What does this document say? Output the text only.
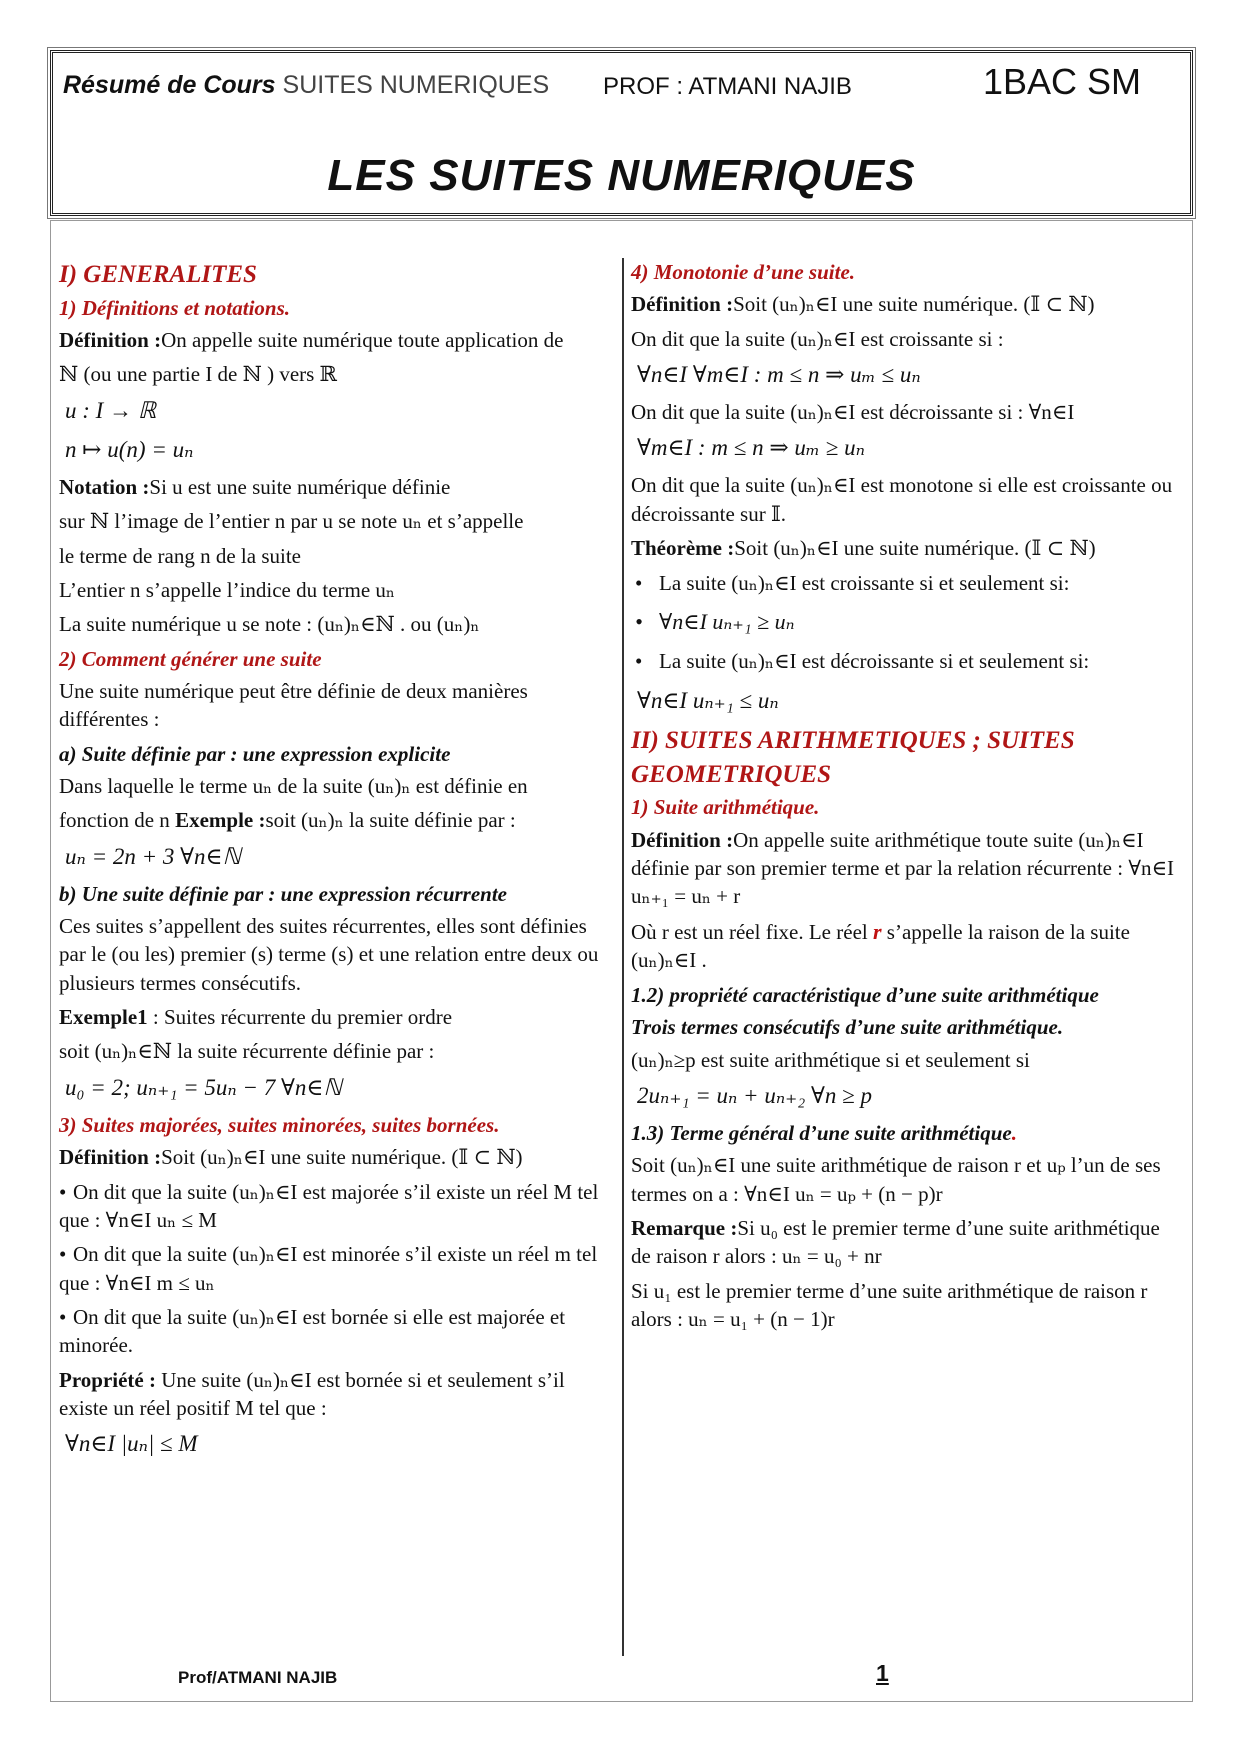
Résumé de Cours SUITES NUMERIQUES PROF : ATMANI NAJIB	1BAC SM
LES SUITES NUMERIQUES
I) GENERALITES
1) Définitions et notations.

Définition :On appelle suite numérique toute application de

ℕ (ou une partie I de ℕ ) vers ℝ

u : I → ℝ
n ↦ u(n) = uₙ

Notation :Si u est une suite numérique définie

sur ℕ l’image de l’entier n par u se note uₙ et s’appelle

le terme de rang n de la suite

L’entier n s’appelle l’indice du terme uₙ

La suite numérique u se note : (uₙ)ₙ∈ℕ . ou (uₙ)ₙ

2) Comment générer une suite

Une suite numérique peut être définie de deux manières différentes :

a) Suite définie par : une expression explicite

Dans laquelle le terme uₙ de la suite (uₙ)ₙ est définie en

fonction de n Exemple :soit (uₙ)ₙ la suite définie par :

uₙ = 2n + 3 ∀n∈ℕ
b) Une suite définie par : une expression récurrente

Ces suites s’appellent des suites récurrentes, elles sont définies par le (ou les) premier (s) terme (s) et une relation entre deux ou plusieurs termes consécutifs.

Exemple1 : Suites récurrente du premier ordre

soit (uₙ)ₙ∈ℕ la suite récurrente définie par :

u₀ = 2; uₙ₊₁ = 5uₙ − 7 ∀n∈ℕ
3) Suites majorées, suites minorées, suites bornées.

Définition :Soit (uₙ)ₙ∈I une suite numérique. (𝕀 ⊂ ℕ)

• On dit que la suite (uₙ)ₙ∈I est majorée s’il existe un réel M tel que : ∀n∈I uₙ ≤ M

• On dit que la suite (uₙ)ₙ∈I est minorée s’il existe un réel m tel que : ∀n∈I m ≤ uₙ

• On dit que la suite (uₙ)ₙ∈I est bornée si elle est majorée et minorée.

Propriété : Une suite (uₙ)ₙ∈I est bornée si et seulement s’il existe un réel positif M tel que :

∀n∈I |uₙ| ≤ M
4) Monotonie d’une suite.

Définition :Soit (uₙ)ₙ∈I une suite numérique. (𝕀 ⊂ ℕ)

On dit que la suite (uₙ)ₙ∈I est croissante si :

∀n∈I ∀m∈I : m ≤ n ⇒ uₘ ≤ uₙ

On dit que la suite (uₙ)ₙ∈I est décroissante si : ∀n∈I

∀m∈I : m ≤ n ⇒ uₘ ≥ uₙ

On dit que la suite (uₙ)ₙ∈I est monotone si elle est croissante ou décroissante sur 𝕀.

Théorème :Soit (uₙ)ₙ∈I une suite numérique. (𝕀 ⊂ ℕ)

• La suite (uₙ)ₙ∈I est croissante si et seulement si:
• ∀n∈I uₙ₊₁ ≥ uₙ
• La suite (uₙ)ₙ∈I est décroissante si et seulement si:
∀n∈I uₙ₊₁ ≤ uₙ
II) SUITES ARITHMETIQUES ; SUITES GEOMETRIQUES
1) Suite arithmétique.

Définition :On appelle suite arithmétique toute suite (uₙ)ₙ∈I définie par son premier terme et par la relation récurrente : ∀n∈I uₙ₊₁ = uₙ + r

Où r est un réel fixe. Le réel r s’appelle la raison de la suite (uₙ)ₙ∈I .

1.2) propriété caractéristique d’une suite arithmétique
Trois termes consécutifs d’une suite arithmétique.

(uₙ)ₙ≥p est suite arithmétique si et seulement si

2uₙ₊₁ = uₙ + uₙ₊₂ ∀n ≥ p
1.3) Terme général d’une suite arithmétique.

Soit (uₙ)ₙ∈I une suite arithmétique de raison r et uₚ l’un de ses termes on a : ∀n∈I uₙ = uₚ + (n − p)r

Remarque :Si u₀ est le premier terme d’une suite arithmétique de raison r alors : uₙ = u₀ + nr

Si u₁ est le premier terme d’une suite arithmétique de raison r alors : uₙ = u₁ + (n − 1)r

Prof/ATMANI NAJIB	1
